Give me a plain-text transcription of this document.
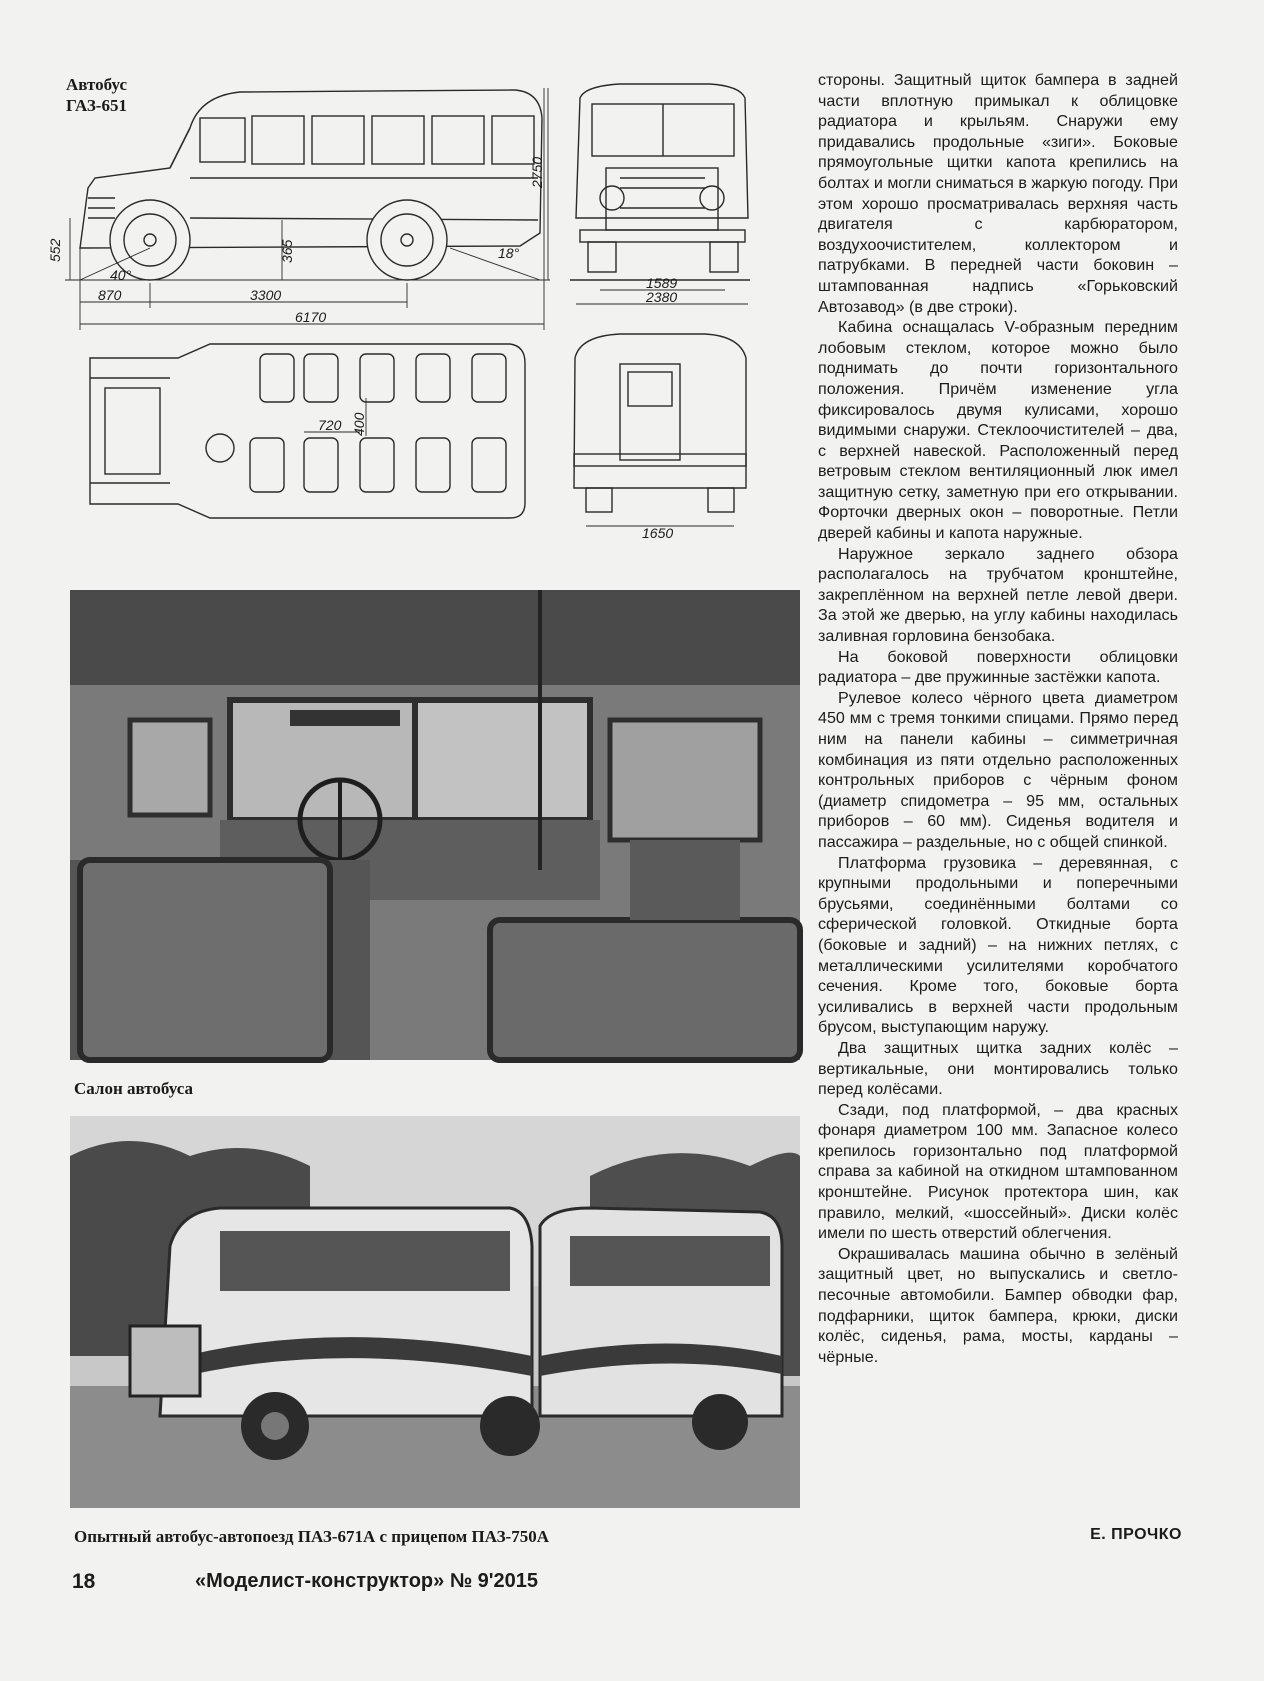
Автобус
ГАЗ-651
870	3300
6170
365
552
2750
40°
18°
1589
2380
1650
720 400
Салон автобуса
Опытный автобус-автопоезд ПАЗ-671А с прицепом ПАЗ-750А

стороны. Защитный щиток бампера в задней части вплотную примыкал к облицовке радиатора и крыльям. Снаружи ему придавались продольные «зиги». Боковые прямоугольные щитки капота крепились на болтах и могли сниматься в жаркую погоду. При этом хорошо просматривалась верхняя часть двигателя с карбюратором, воздухоочистителем, коллектором и патрубками. В передней части боковин – штампованная надпись «Горьковский Автозавод» (в две строки).

Кабина оснащалась V-образным передним лобовым стеклом, которое можно было поднимать до почти горизонтального положения. Причём изменение угла фиксировалось двумя кулисами, хорошо видимыми снаружи. Стеклоочистителей – два, с верхней навеской. Расположенный перед ветровым стеклом вентиляционный люк имел защитную сетку, заметную при его открывании. Форточки дверных окон – поворотные. Петли дверей кабины и капота наружные.

Наружное зеркало заднего обзора располагалось на трубчатом кронштейне, закреплённом на верхней петле левой двери. За этой же дверью, на углу кабины находилась заливная горловина бензобака.

На боковой поверхности облицовки радиатора – две пружинные застёжки капота.

Рулевое колесо чёрного цвета диаметром 450 мм с тремя тонкими спицами. Прямо перед ним на панели кабины – симметричная комбинация из пяти отдельно расположенных контрольных приборов с чёрным фоном (диаметр спидометра – 95 мм, остальных приборов – 60 мм). Сиденья водителя и пассажира – раздельные, но с общей спинкой.

Платформа грузовика – деревянная, с крупными продольными и поперечными брусьями, соединёнными болтами со сферической головкой. Откидные борта (боковые и задний) – на нижних петлях, с металлическими усилителями коробчатого сечения. Кроме того, боковые борта усиливались в верхней части продольным брусом, выступающим наружу.

Два защитных щитка задних колёс – вертикальные, они монтировались только перед колёсами.

Сзади, под платформой, – два красных фонаря диаметром 100 мм. Запасное колесо крепилось горизонтально под платформой справа за кабиной на откидном штампованном кронштейне. Рисунок протектора шин, как правило, мелкий, «шоссейный». Диски колёс имели по шесть отверстий облегчения.

Окрашивалась машина обычно в зелёный защитный цвет, но выпускались и светло-песочные автомобили. Бампер обводки фар, подфарники, щиток бампера, крюки, диски колёс, сиденья, рама, мосты, карданы – чёрные.

Е. ПРОЧКО
18	«Моделист-конструктор» № 9'2015
